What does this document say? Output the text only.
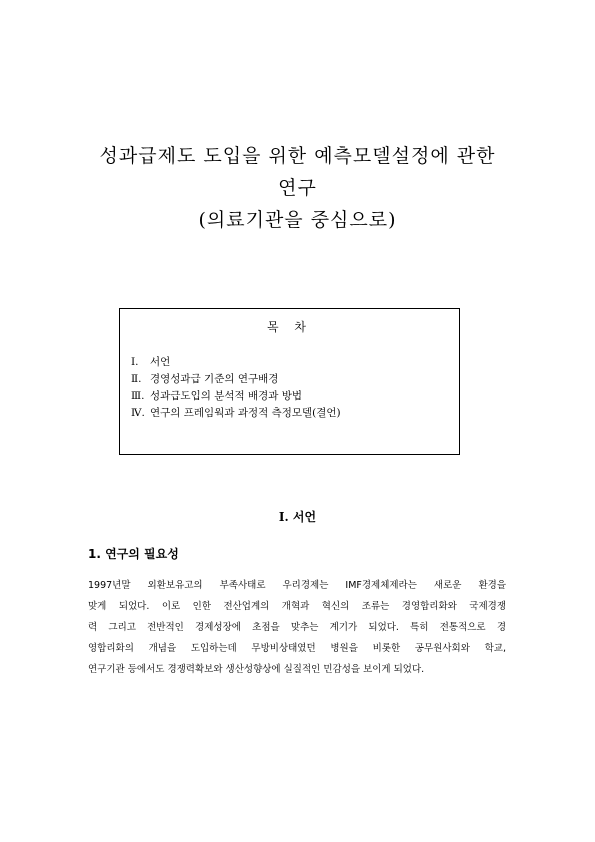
성과급제도 도입을 위한 예측모델설정에 관한
연구
(의료기관을 중심으로)
목 차
Ⅰ. 서언
Ⅱ. 경영성과급 기준의 연구배경
Ⅲ. 성과급도입의 분석적 배경과 방법
Ⅳ. 연구의 프레임웍과 과정적 측정모델(결언)
Ⅰ. 서언
1. 연구의 필요성

1997년말 외환보유고의 부족사태로 우리경제는 IMF경제체제라는 새로운 환경을
맞게 되었다. 이로 인한 전산업계의 개혁과 혁신의 조류는 경영합리화와 국제경쟁
력 그리고 전반적인 경제성장에 초점을 맞추는 계기가 되었다. 특히 전통적으로 경
영합리화의 개념을 도입하는데 무방비상태였던 병원을 비롯한 공무원사회와 학교,
연구기관 등에서도 경쟁력확보와 생산성향상에 실질적인 민감성을 보이게 되었다.
